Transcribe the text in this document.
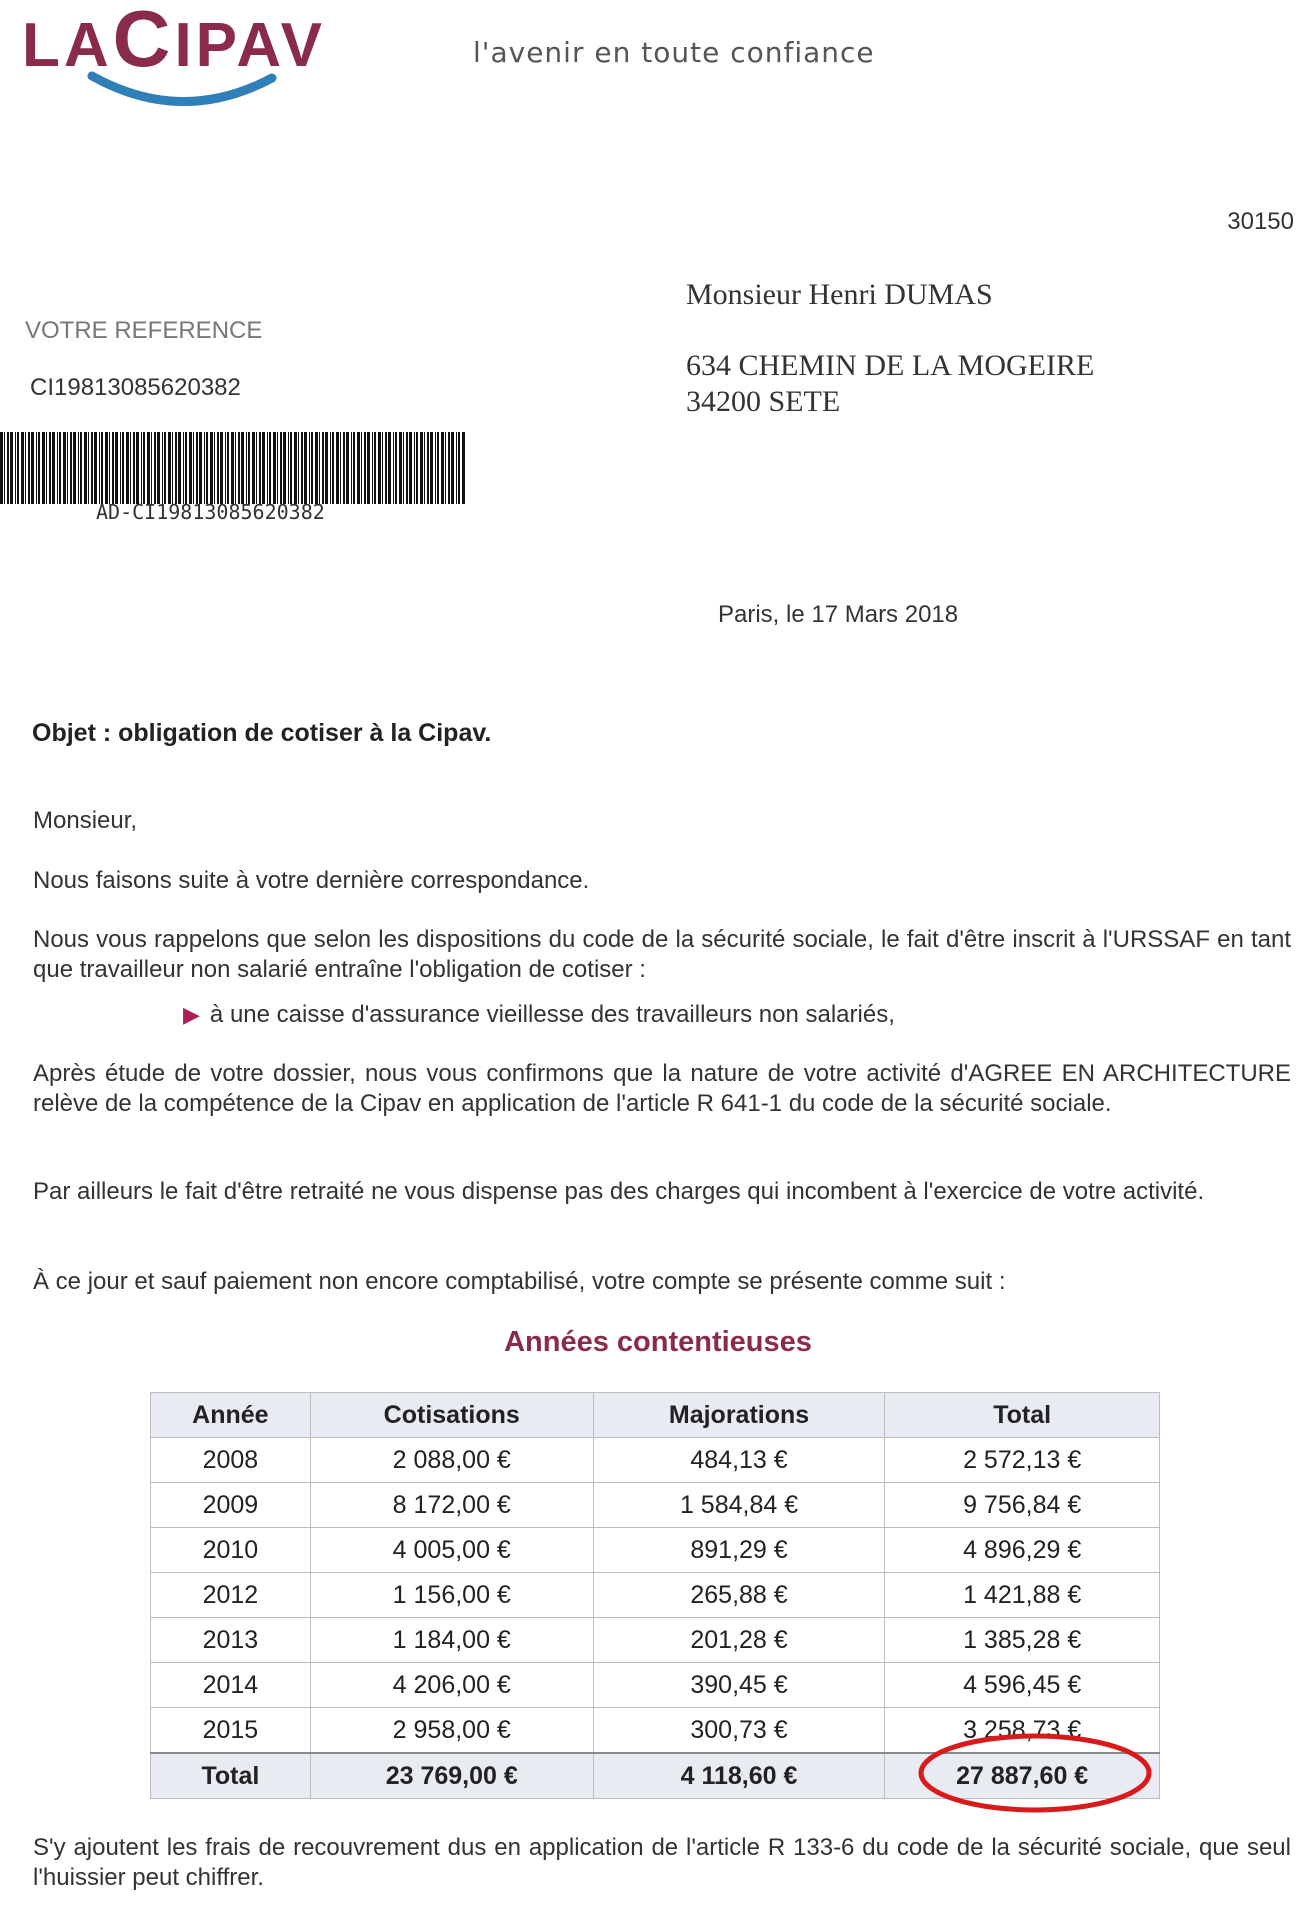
LACIPAV	l'avenir en toute confiance
30150
Monsieur Henri DUMAS
634 CHEMIN DE LA MOGEIRE
34200 SETE
VOTRE REFERENCE
CI19813085620382
AD-CI19813085620382
Paris, le 17 Mars 2018
Objet : obligation de cotiser à la Cipav.
Monsieur,
Nous faisons suite à votre dernière correspondance.
Nous vous rappelons que selon les dispositions du code de la sécurité sociale, le fait d'être inscrit à l'URSSAF en tant que travailleur non salarié entraîne l'obligation de cotiser :
▶ à une caisse d'assurance vieillesse des travailleurs non salariés,
Après étude de votre dossier, nous vous confirmons que la nature de votre activité d'AGREE EN ARCHITECTURE relève de la compétence de la Cipav en application de l'article R 641-1 du code de la sécurité sociale.
Par ailleurs le fait d'être retraité ne vous dispense pas des charges qui incombent à l'exercice de votre activité.
À ce jour et sauf paiement non encore comptabilisé, votre compte se présente comme suit :
Années contentieuses
Année	Cotisations	Majorations	Total
2008	2 088,00 €	484,13 €	2 572,13 €
2009	8 172,00 €	1 584,84 €	9 756,84 €
2010	4 005,00 €	891,29 €	4 896,29 €
2012	1 156,00 €	265,88 €	1 421,88 €
2013	1 184,00 €	201,28 €	1 385,28 €
2014	4 206,00 €	390,45 €	4 596,45 €
2015	2 958,00 €	300,73 €	3 258,73 €
Total	23 769,00 €	4 118,60 €	27 887,60 €
S'y ajoutent les frais de recouvrement dus en application de l'article R 133-6 du code de la sécurité sociale, que seul l'huissier peut chiffrer.
